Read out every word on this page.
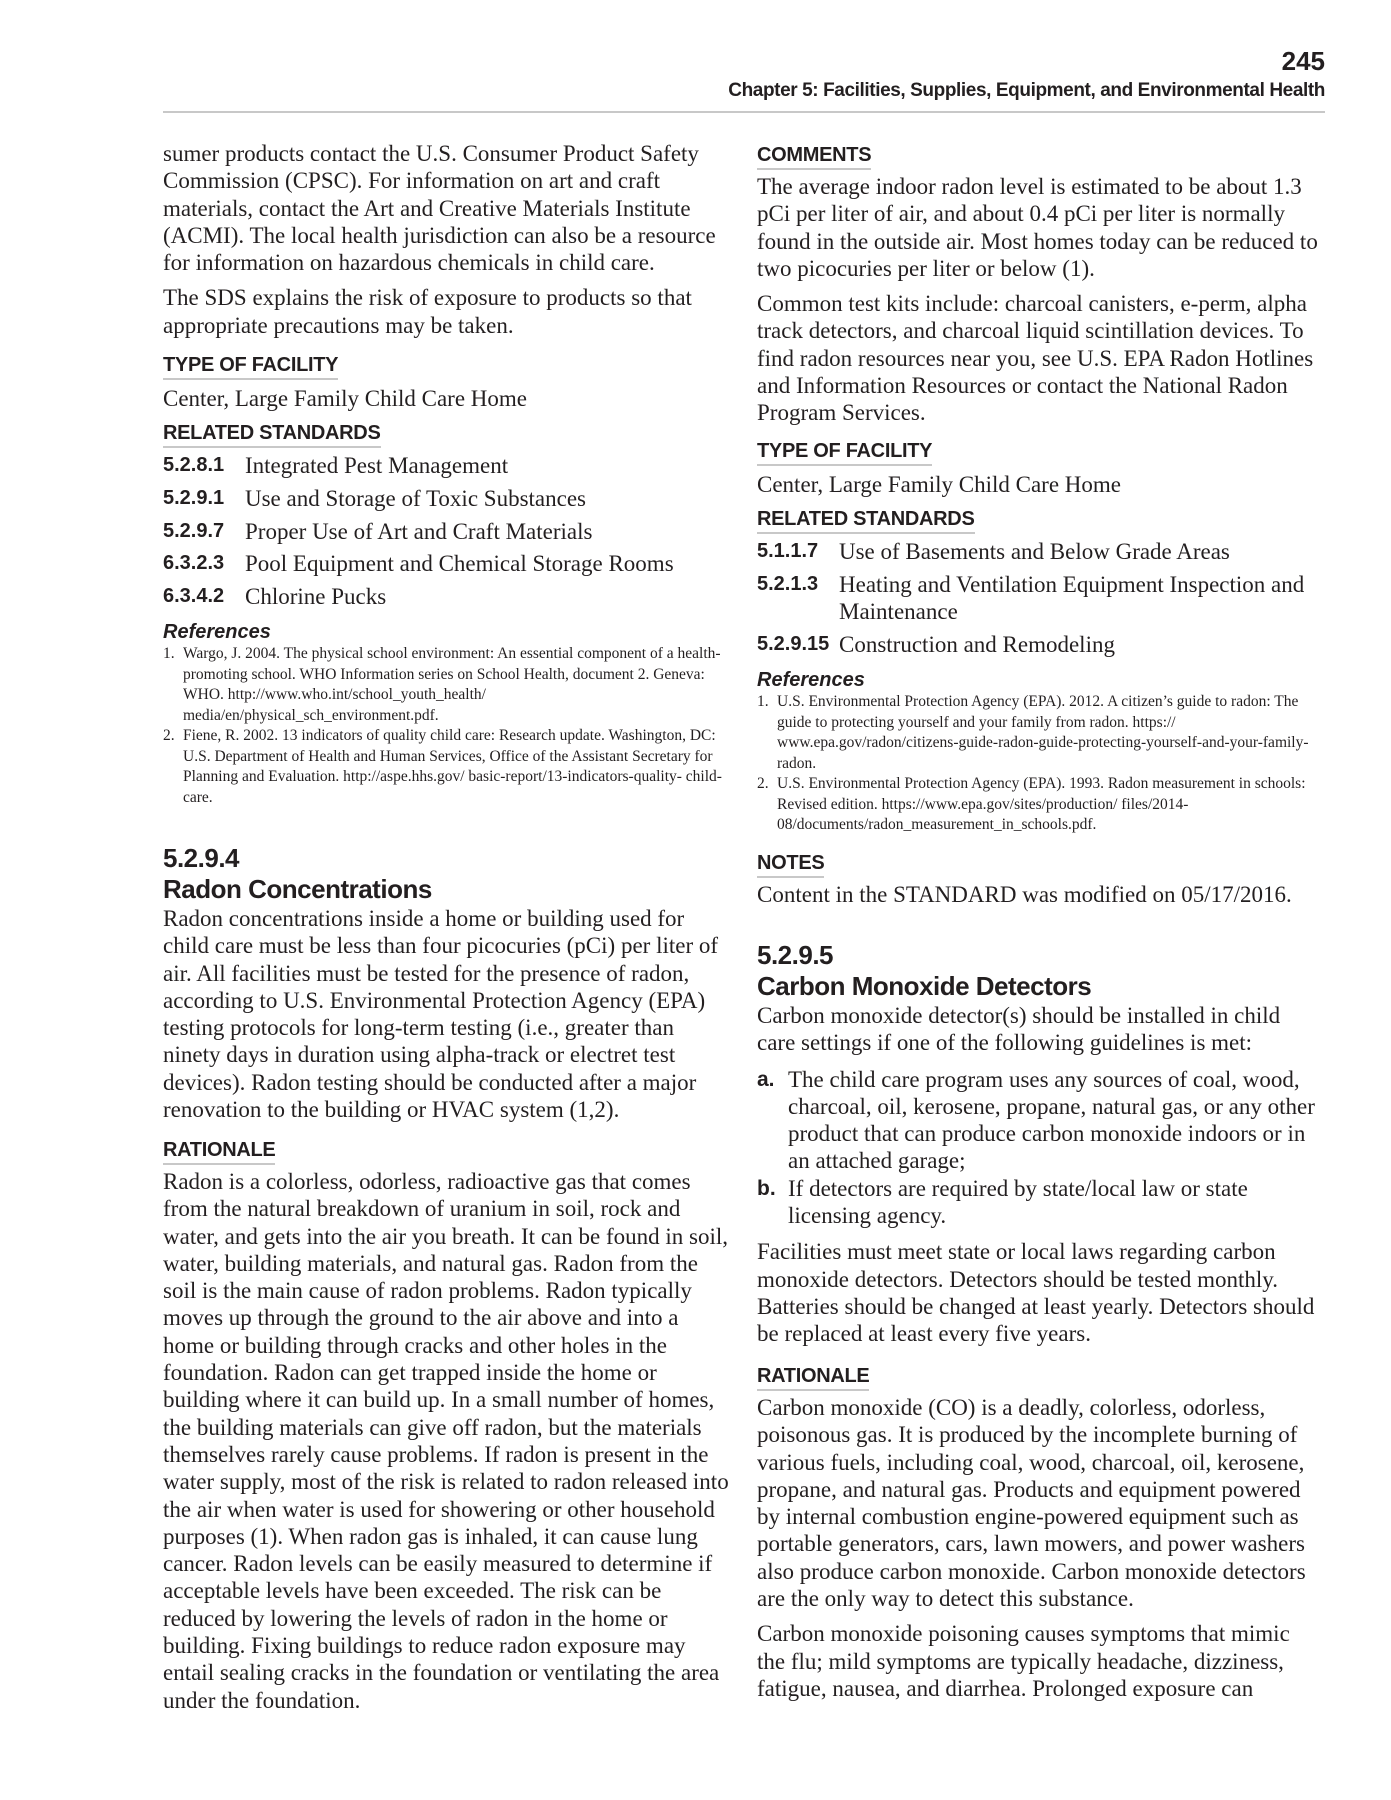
245
Chapter 5: Facilities, Supplies, Equipment, and Environmental Health

sumer products contact the U.S. Consumer Product Safety Commission (CPSC). For information on art and craft materials, contact the Art and Creative Materials Institute (ACMI). The local health jurisdiction can also be a resource for information on hazardous chemicals in child care.

The SDS explains the risk of exposure to products so that appropriate precautions may be taken.

TYPE OF FACILITY

Center, Large Family Child Care Home

RELATED STANDARDS
5.2.8.1 Integrated Pest Management
5.2.9.1 Use and Storage of Toxic Substances
5.2.9.7 Proper Use of Art and Craft Materials
6.3.2.3 Pool Equipment and Chemical Storage Rooms
6.3.4.2 Chlorine Pucks
References
1. Wargo, J. 2004. The physical school environment: An essential component of a health-promoting school. WHO Information series on School Health, document 2. Geneva: WHO. http://www.who.int/school_youth_health/ media/en/physical_sch_environment.pdf.
2. Fiene, R. 2002. 13 indicators of quality child care: Research update. Washington, DC: U.S. Department of Health and Human Services, Office of the Assistant Secretary for Planning and Evaluation. http://aspe.hhs.gov/ basic-report/13-indicators-quality- child-care.
5.2.9.4
Radon Concentrations

Radon concentrations inside a home or building used for child care must be less than four picocuries (pCi) per liter of air. All facilities must be tested for the presence of radon, according to U.S. Environmental Protection Agency (EPA) testing protocols for long-term testing (i.e., greater than ninety days in duration using alpha-track or electret test devices). Radon testing should be conducted after a major renovation to the building or HVAC system (1,2).

RATIONALE

Radon is a colorless, odorless, radioactive gas that comes from the natural breakdown of uranium in soil, rock and water, and gets into the air you breath. It can be found in soil, water, building materials, and natural gas. Radon from the soil is the main cause of radon problems. Radon typically moves up through the ground to the air above and into a home or building through cracks and other holes in the foundation. Radon can get trapped inside the home or building where it can build up. In a small number of homes, the building materials can give off radon, but the materials themselves rarely cause problems. If radon is present in the water supply, most of the risk is related to radon released into the air when water is used for showering or other household purposes (1). When radon gas is inhaled, it can cause lung cancer. Radon levels can be easily measured to determine if acceptable levels have been exceeded. The risk can be reduced by lowering the levels of radon in the home or building. Fixing buildings to reduce radon exposure may entail sealing cracks in the foundation or ventilating the area under the foundation.

COMMENTS

The average indoor radon level is estimated to be about 1.3 pCi per liter of air, and about 0.4 pCi per liter is normally found in the outside air. Most homes today can be reduced to two picocuries per liter or below (1).

Common test kits include: charcoal canisters, e-perm, alpha track detectors, and charcoal liquid scintillation devices. To find radon resources near you, see U.S. EPA Radon Hotlines and Information Resources or contact the National Radon Program Services.

TYPE OF FACILITY

Center, Large Family Child Care Home

RELATED STANDARDS
5.1.1.7 Use of Basements and Below Grade Areas
5.2.1.3 Heating and Ventilation Equipment Inspection and Maintenance
5.2.9.15 Construction and Remodeling
References
1. U.S. Environmental Protection Agency (EPA). 2012. A citizen’s guide to radon: The guide to protecting yourself and your family from radon. https:// www.epa.gov/radon/citizens-guide-radon-guide-protecting-yourself-and-your-family-radon.
2. U.S. Environmental Protection Agency (EPA). 1993. Radon measurement in schools: Revised edition. https://www.epa.gov/sites/production/ files/2014-08/documents/radon_measurement_in_schools.pdf.
NOTES

Content in the STANDARD was modified on 05/17/2016.

5.2.9.5
Carbon Monoxide Detectors

Carbon monoxide detector(s) should be installed in child care settings if one of the following guidelines is met:

a. The child care program uses any sources of coal, wood, charcoal, oil, kerosene, propane, natural gas, or any other product that can produce carbon monoxide indoors or in an attached garage;
b. If detectors are required by state/local law or state licensing agency.

Facilities must meet state or local laws regarding carbon monoxide detectors. Detectors should be tested monthly. Batteries should be changed at least yearly. Detectors should be replaced at least every five years.

RATIONALE

Carbon monoxide (CO) is a deadly, colorless, odorless, poisonous gas. It is produced by the incomplete burning of various fuels, including coal, wood, charcoal, oil, kerosene, propane, and natural gas. Products and equipment powered by internal combustion engine-powered equipment such as portable generators, cars, lawn mowers, and power washers also produce carbon monoxide. Carbon monoxide detectors are the only way to detect this substance.

Carbon monoxide poisoning causes symptoms that mimic the flu; mild symptoms are typically headache, dizziness, fatigue, nausea, and diarrhea. Prolonged exposure can
